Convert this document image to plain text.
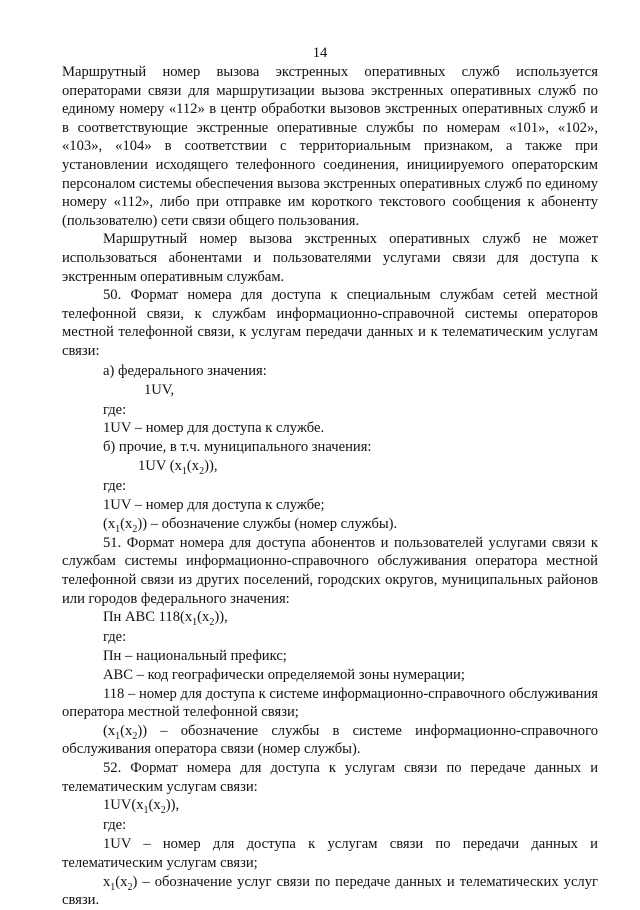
14

Маршрутный номер вызова экстренных оперативных служб используется операторами связи для маршрутизации вызова экстренных оперативных служб по единому номеру «112» в центр обработки вызовов экстренных оперативных служб и в соответствующие экстренные оперативные службы по номерам «101», «102», «103», «104» в соответствии с территориальным признаком, а также при установлении исходящего телефонного соединения, инициируемого операторским персоналом системы обеспечения вызова экстренных оперативных служб по единому номеру «112», либо при отправке им короткого текстового сообщения к абоненту (пользователю) сети связи общего пользования.

Маршрутный номер вызова экстренных оперативных служб не может использоваться абонентами и пользователями услугами связи для доступа к экстренным оперативным службам.

50. Формат номера для доступа к специальным службам сетей местной телефонной связи, к службам информационно-справочной системы операторов местной телефонной связи, к услугам передачи данных и к телематическим услугам связи:

а) федерального значения:

1UV,

где:

1UV – номер для доступа к службе.

б) прочие, в т.ч. муниципального значения:

1UV $(x_1(x_2))$,

где:

1UV – номер для доступа к службе;

$(x_1(x_2))$ – обозначение службы (номер службы).

51. Формат номера для доступа абонентов и пользователей услугами связи к службам системы информационно-справочного обслуживания оператора местной телефонной связи из других поселений, городских округов, муниципальных районов или городов федерального значения:

Пн ABC $118(x_1(x_2))$,

где:

Пн – национальный префикс;

ABC – код географически определяемой зоны нумерации;

118 – номер для доступа к системе информационно-справочного обслуживания оператора местной телефонной связи;

$(x_1(x_2))$ – обозначение службы в системе информационно-справочного обслуживания оператора связи (номер службы).

52. Формат номера для доступа к услугам связи по передаче данных и телематическим услугам связи:

$1UV(x_1(x_2))$,

где:

1UV – номер для доступа к услугам связи по передачи данных и телематическим услугам связи;

$x_1(x_2)$ – обозначение услуг связи по передаче данных и телематических услуг связи.
